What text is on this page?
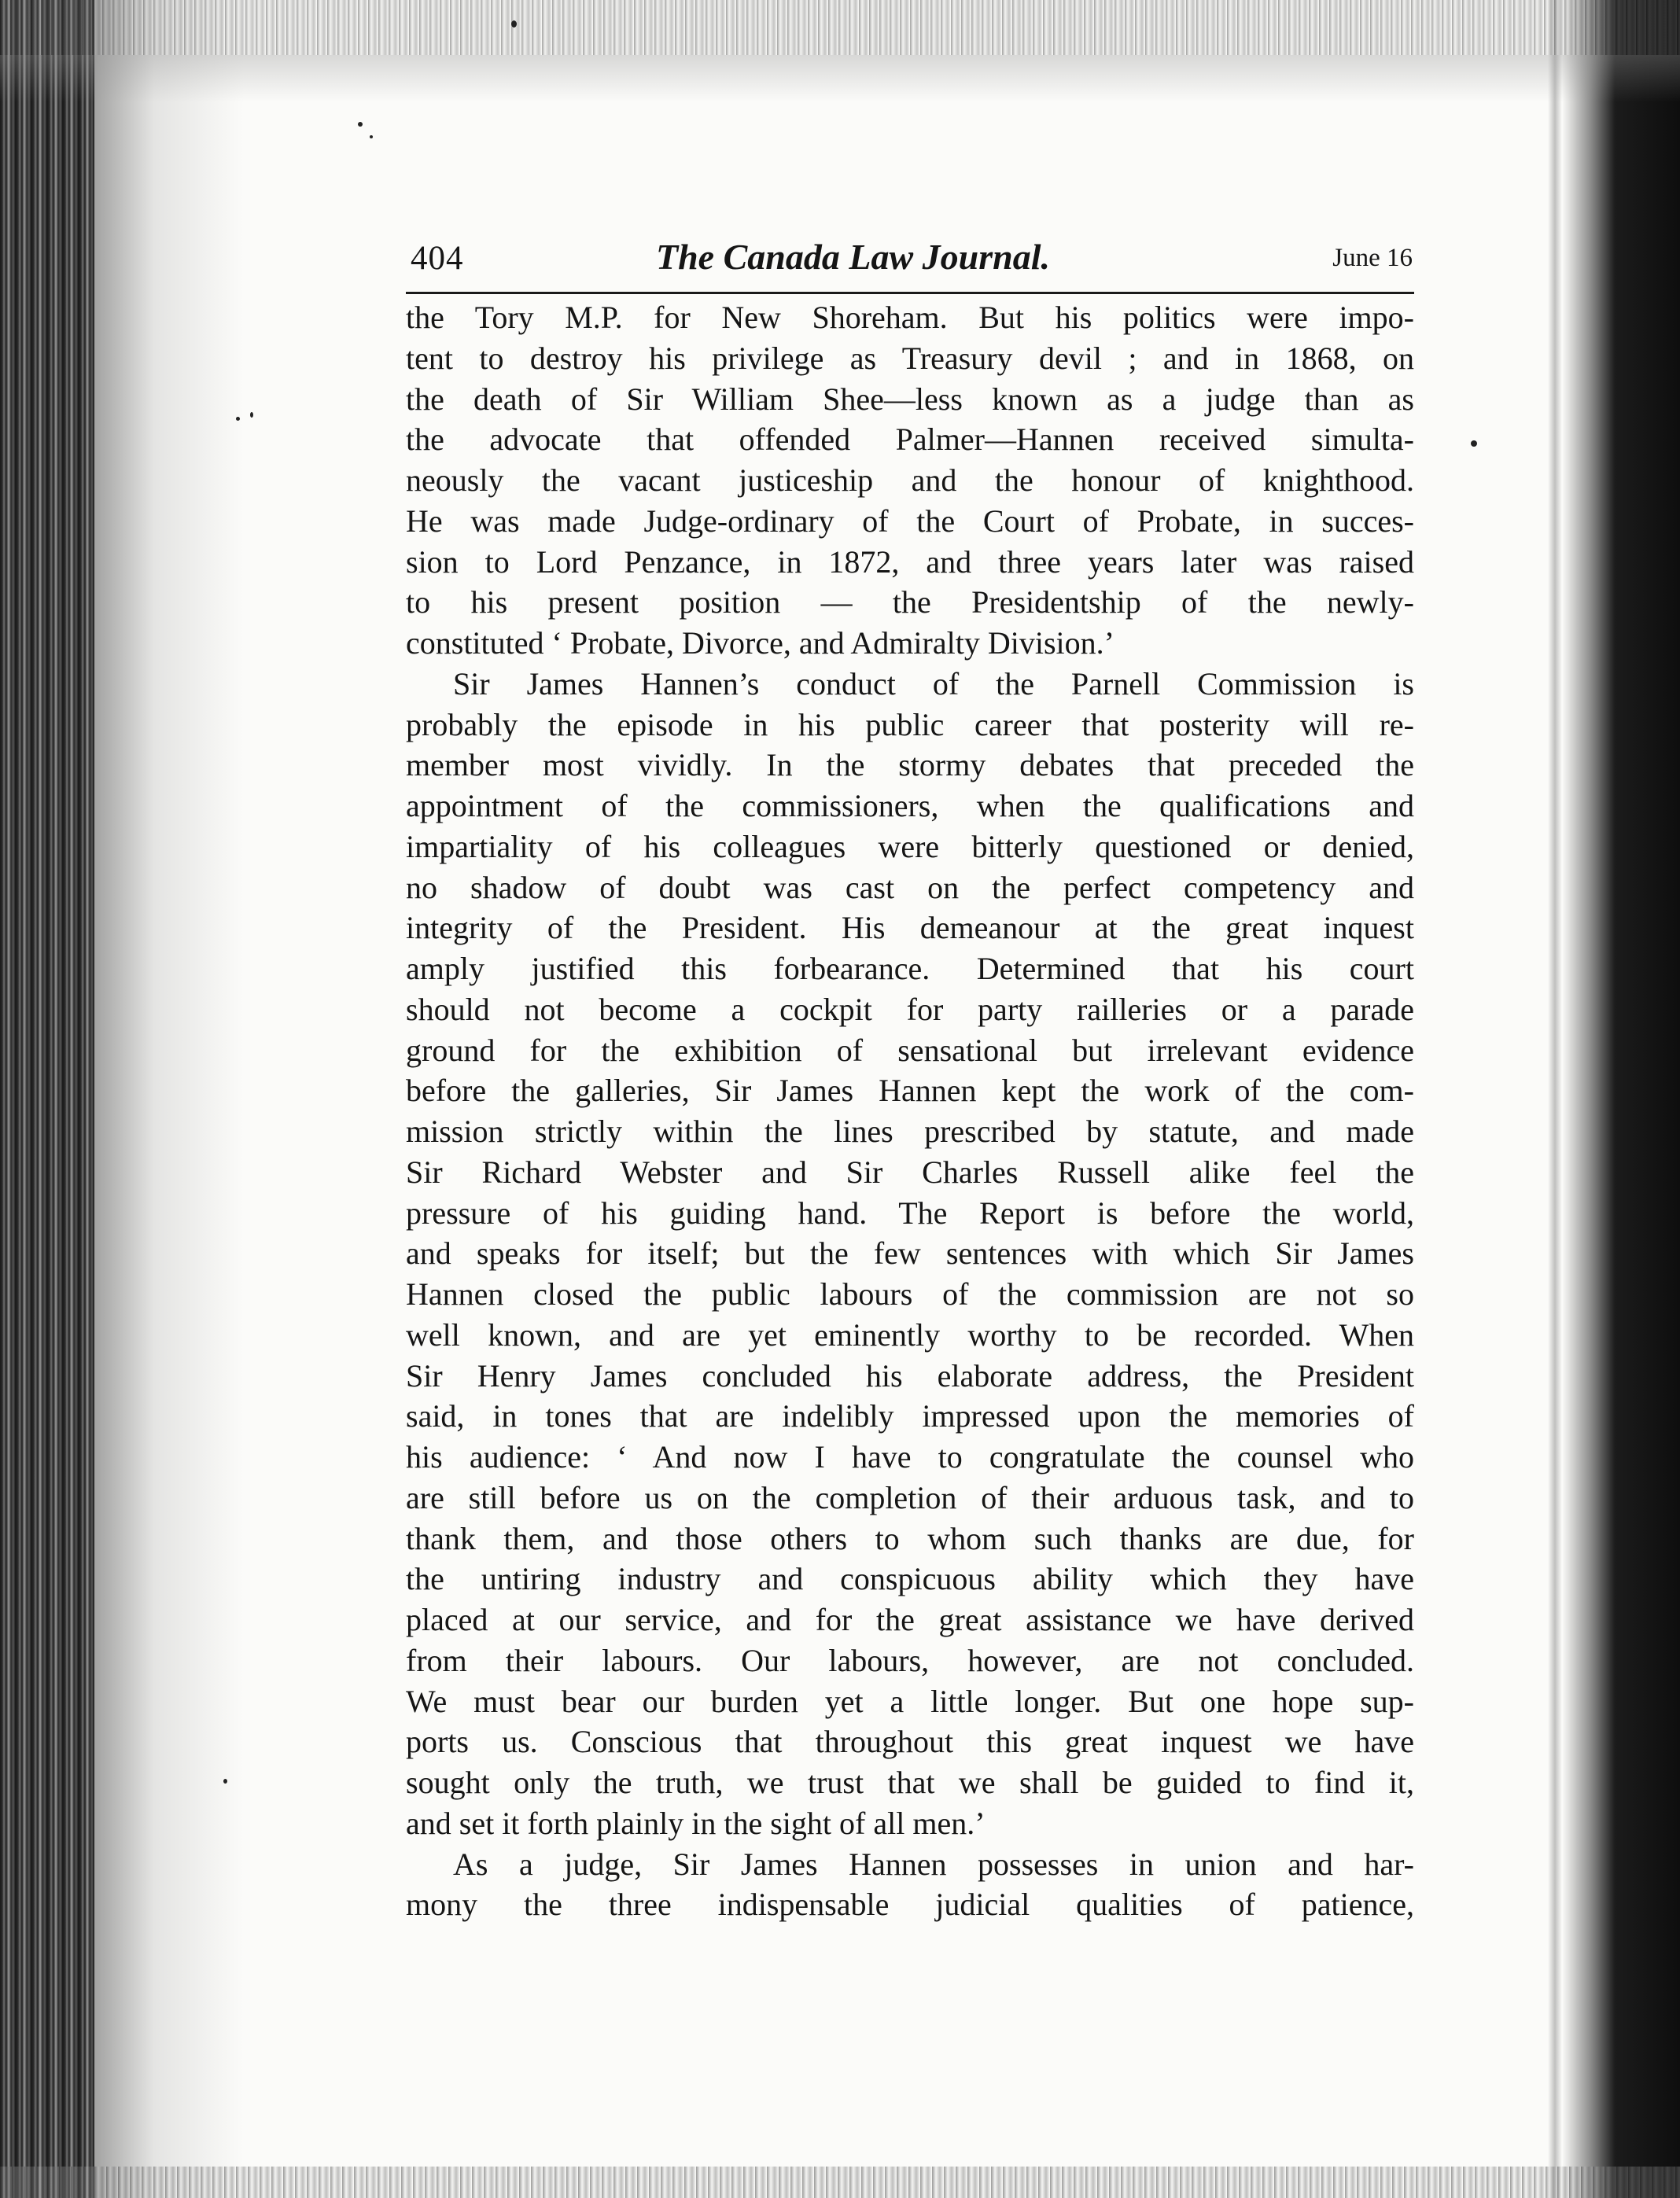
404	The Canada Law Journal.	June 16
the Tory M.P. for New Shoreham. But his politics were impo-
tent to destroy his privilege as Treasury devil ; and in 1868, on
the death of Sir William Shee—less known as a judge than as
the advocate that offended Palmer—Hannen received simulta-
neously the vacant justiceship and the honour of knighthood.
He was made Judge-ordinary of the Court of Probate, in succes-
sion to Lord Penzance, in 1872, and three years later was raised
to his present position — the Presidentship of the newly-
constituted ‘ Probate, Divorce, and Admiralty Division.’
Sir James Hannen’s conduct of the Parnell Commission is
probably the episode in his public career that posterity will re-
member most vividly. In the stormy debates that preceded the
appointment of the commissioners, when the qualifications and
impartiality of his colleagues were bitterly questioned or denied,
no shadow of doubt was cast on the perfect competency and
integrity of the President. His demeanour at the great inquest
amply justified this forbearance. Determined that his court
should not become a cockpit for party railleries or a parade
ground for the exhibition of sensational but irrelevant evidence
before the galleries, Sir James Hannen kept the work of the com-
mission strictly within the lines prescribed by statute, and made
Sir Richard Webster and Sir Charles Russell alike feel the
pressure of his guiding hand. The Report is before the world,
and speaks for itself; but the few sentences with which Sir James
Hannen closed the public labours of the commission are not so
well known, and are yet eminently worthy to be recorded. When
Sir Henry James concluded his elaborate address, the President
said, in tones that are indelibly impressed upon the memories of
his audience: ‘ And now I have to congratulate the counsel who
are still before us on the completion of their arduous task, and to
thank them, and those others to whom such thanks are due, for
the untiring industry and conspicuous ability which they have
placed at our service, and for the great assistance we have derived
from their labours. Our labours, however, are not concluded.
We must bear our burden yet a little longer. But one hope sup-
ports us. Conscious that throughout this great inquest we have
sought only the truth, we trust that we shall be guided to find it,
and set it forth plainly in the sight of all men.’
As a judge, Sir James Hannen possesses in union and har-
mony the three indispensable judicial qualities of patience,
